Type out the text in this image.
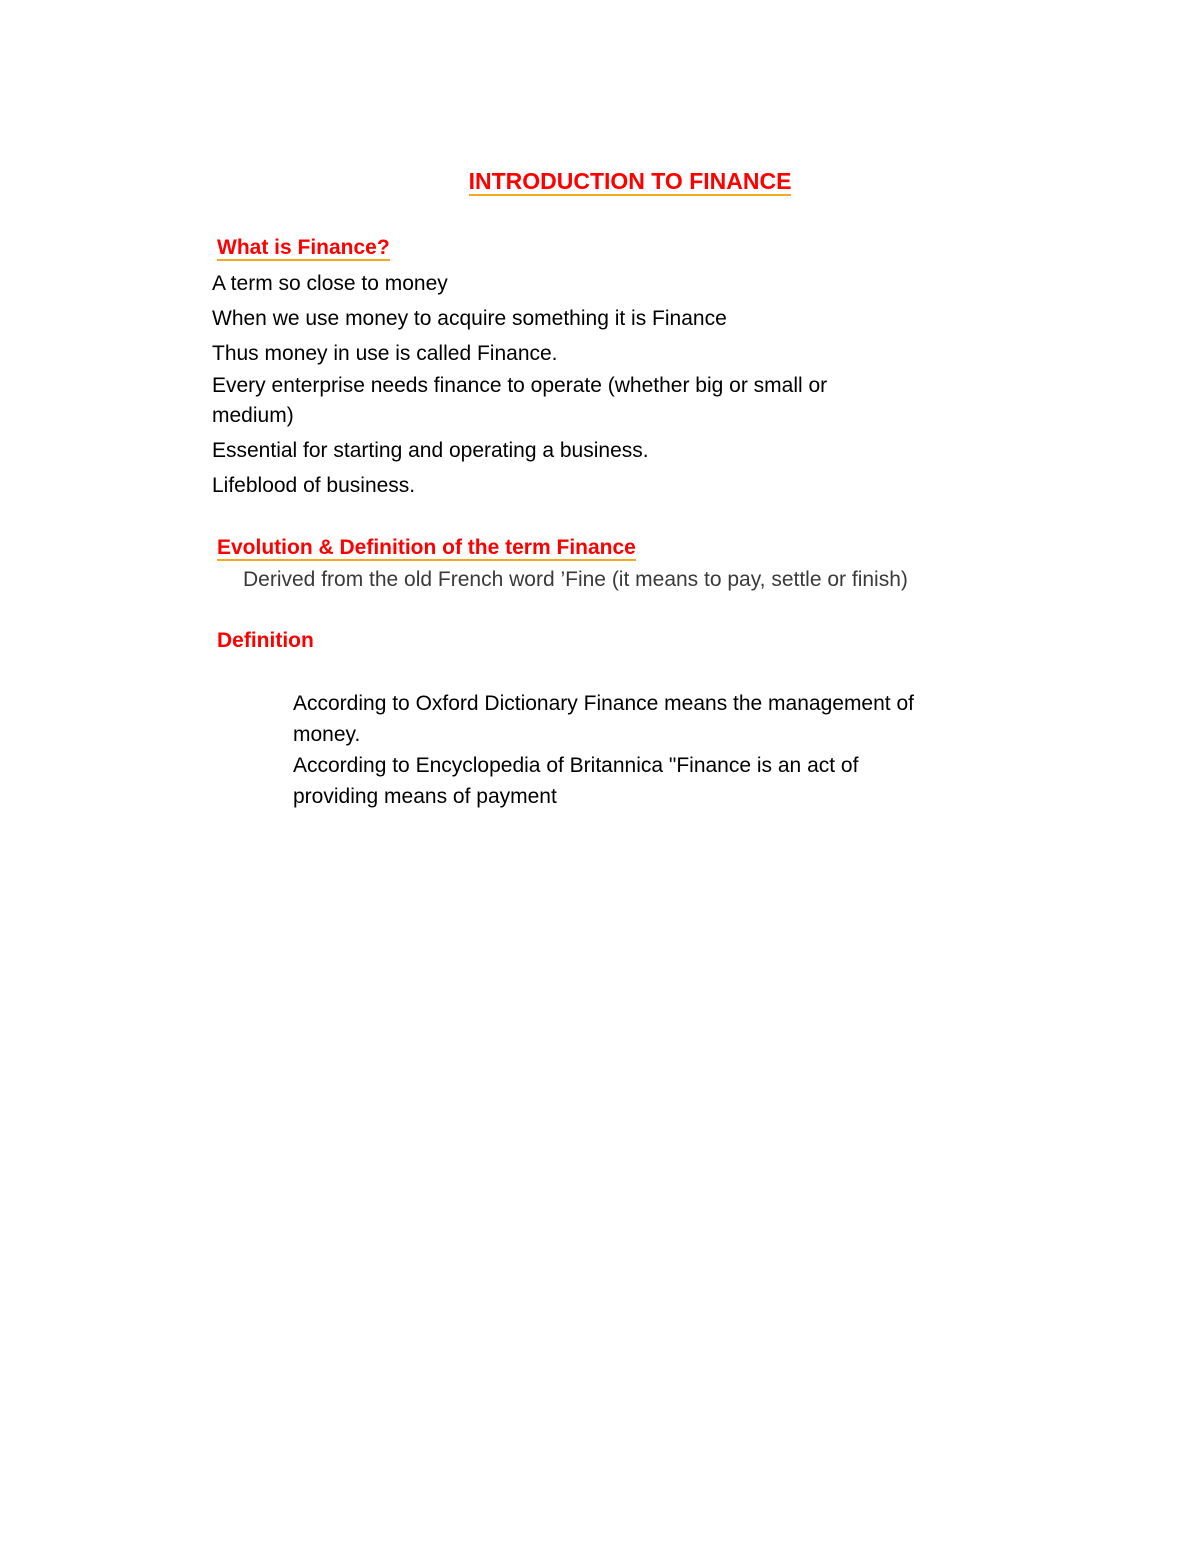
INTRODUCTION TO FINANCE
What is Finance?
A term so close to money
When we use money to acquire something it is Finance
Thus money in use is called Finance.
Every enterprise needs finance to operate (whether big or small or
medium)
Essential for starting and operating a business.
Lifeblood of business.
Evolution & Definition of the term Finance
Derived from the old French word ’Fine (it means to pay, settle or finish)
Definition
According to Oxford Dictionary Finance means the management of
money.
According to Encyclopedia of Britannica "Finance is an act of
providing means of payment
